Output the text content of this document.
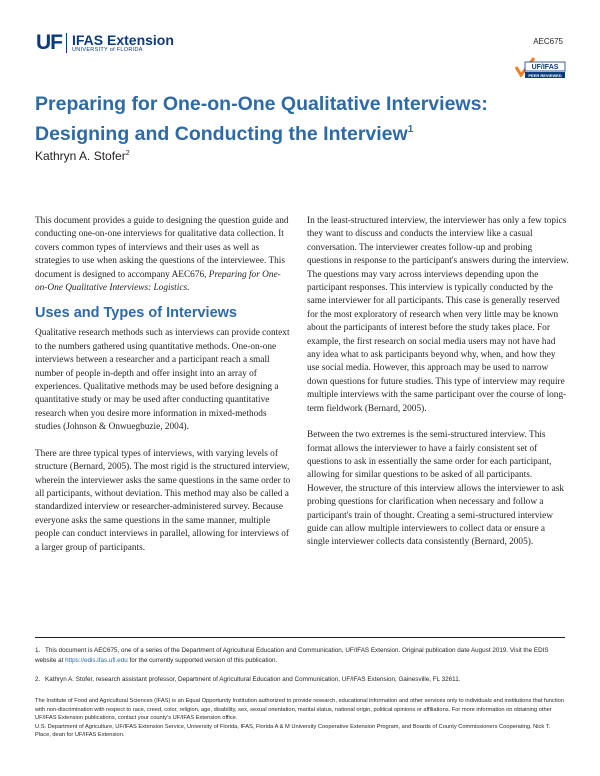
UF IFAS Extension
UNIVERSITY of FLORIDA
AEC675
UF/IFAS
PEER REVIEWED
Preparing for One-on-One Qualitative Interviews:
Designing and Conducting the Interview$^1$
Kathryn A. Stofer$^2$

This document provides a guide to designing the question guide and conducting one-on-one interviews for qualitative data collection. It covers common types of interviews and their uses as well as strategies to use when asking the questions of the interviewee. This document is designed to accompany AEC676, Preparing for One-on-One Qualitative Interviews: Logistics.

Uses and Types of Interviews

Qualitative research methods such as interviews can provide context to the numbers gathered using quantitative methods. One-on-one interviews between a researcher and a participant reach a small number of people in-depth and offer insight into an array of experiences. Qualitative methods may be used before designing a quantitative study or may be used after conducting quantitative research when you desire more information in mixed-methods studies (Johnson & Onwuegbuzie, 2004).

There are three typical types of interviews, with varying levels of structure (Bernard, 2005). The most rigid is the structured interview, wherein the interviewer asks the same questions in the same order to all participants, without deviation. This method may also be called a standardized interview or researcher-administered survey. Because everyone asks the same questions in the same manner, multiple people can conduct interviews in parallel, allowing for interviews of a larger group of participants.

In the least-structured interview, the interviewer has only a few topics they want to discuss and conducts the interview like a casual conversation. The interviewer creates follow-up and probing questions in response to the participant's answers during the interview. The questions may vary across interviews depending upon the participant responses. This interview is typically conducted by the same interviewer for all participants. This case is generally reserved for the most exploratory of research when very little may be known about the participants of interest before the study takes place. For example, the first research on social media users may not have had any idea what to ask participants beyond why, when, and how they use social media. However, this approach may be used to narrow down questions for future studies. This type of interview may require multiple interviews with the same participant over the course of long-term fieldwork (Bernard, 2005).

Between the two extremes is the semi-structured interview. This format allows the interviewer to have a fairly consistent set of questions to ask in essentially the same order for each participant, allowing for similar questions to be asked of all participants. However, the structure of this interview allows the interviewer to ask probing questions for clarification when necessary and follow a participant's train of thought. Creating a semi-structured interview guide can allow multiple interviewers to collect data or ensure a single interviewer collects data consistently (Bernard, 2005).

1. This document is AEC675, one of a series of the Department of Agricultural Education and Communication, UF/IFAS Extension. Original publication date August 2019. Visit the EDIS website at https://edis.ifas.ufl.edu for the currently supported version of this publication.
2. Kathryn A. Stofer, research assistant professor, Department of Agricultural Education and Communication, UF/IFAS Extension, Gainesville, FL 32611.
The Institute of Food and Agricultural Sciences (IFAS) is an Equal Opportunity Institution authorized to provide research, educational information and other services only to individuals and institutions that function with non-discrimination with respect to race, creed, color, religion, age, disability, sex, sexual orientation, marital status, national origin, political opinions or affiliations. For more information on obtaining other UF/IFAS Extension publications, contact your county's UF/IFAS Extension office.
U.S. Department of Agriculture, UF/IFAS Extension Service, University of Florida, IFAS, Florida A & M University Cooperative Extension Program, and Boards of County Commissioners Cooperating. Nick T. Place, dean for UF/IFAS Extension.
